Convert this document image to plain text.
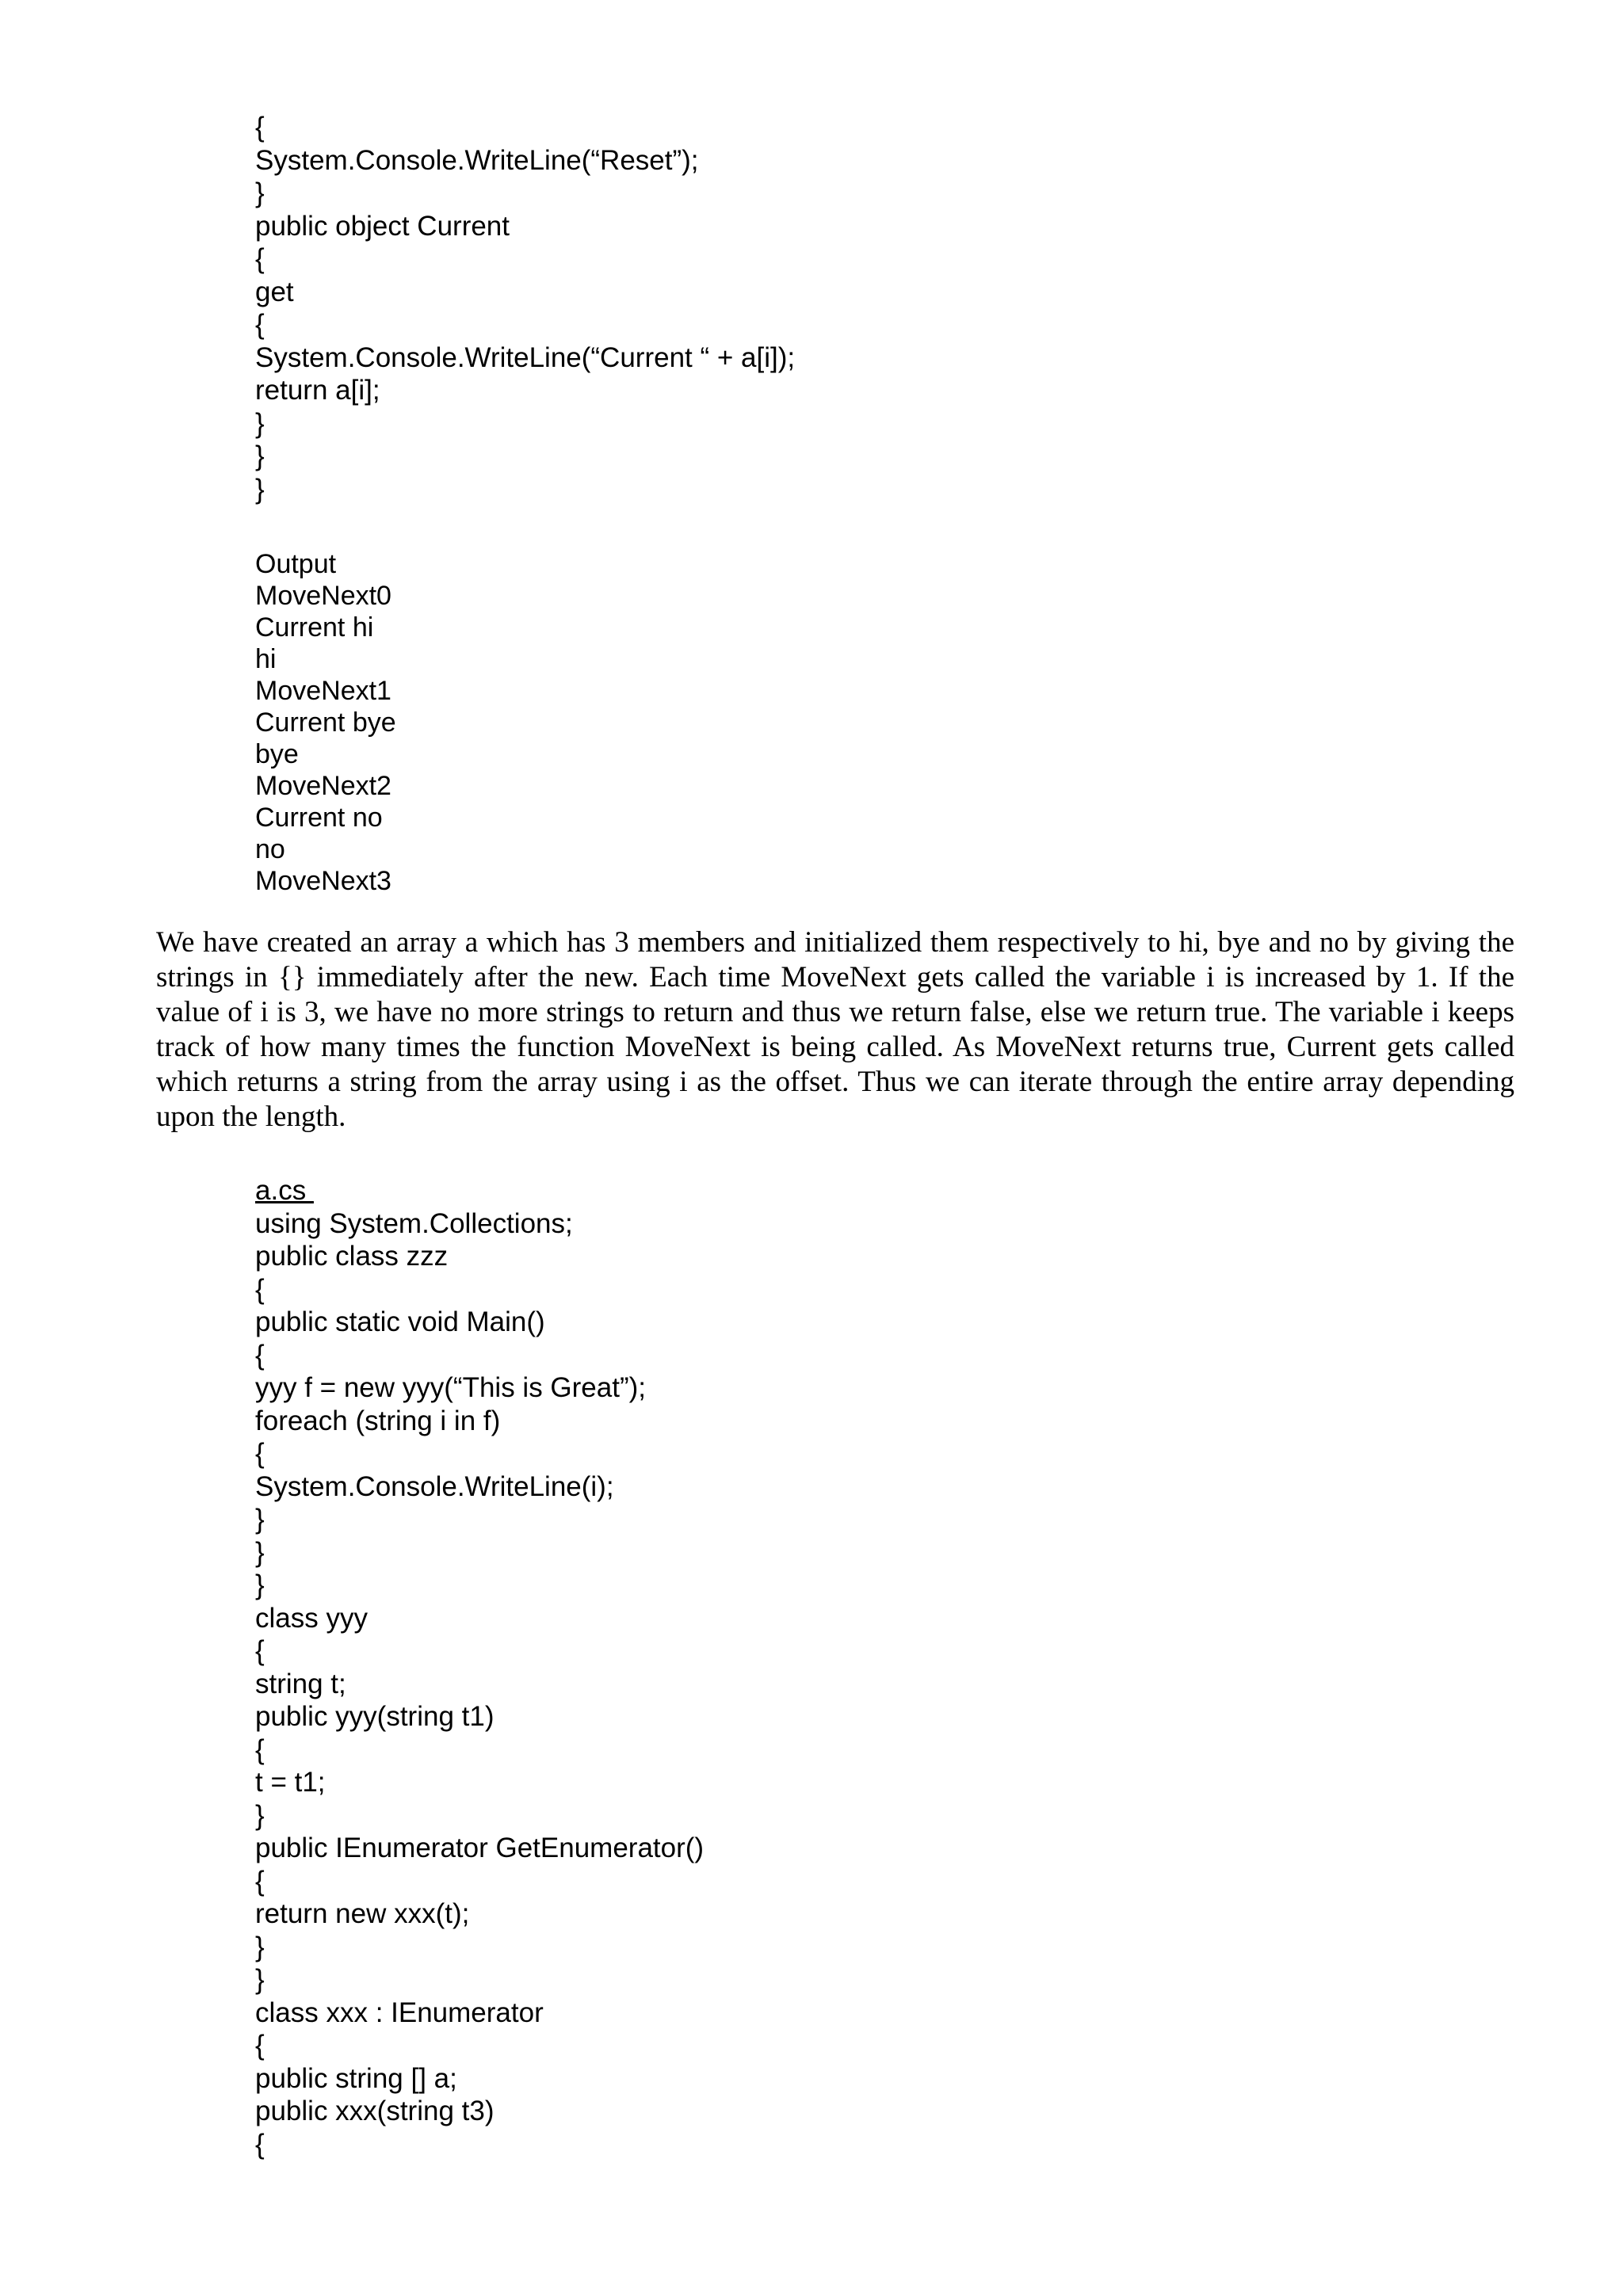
{
System.Console.WriteLine(“Reset”);
}
public object Current
{
get
{
System.Console.WriteLine(“Current “ + a[i]);
return a[i];
}
}
}
Output
MoveNext0
Current hi
hi
MoveNext1
Current bye
bye
MoveNext2
Current no
no
MoveNext3
We have created an array a which has 3 members and initialized them respectively to hi, bye and no by giving the strings in {} immediately after the new. Each time MoveNext gets called the variable i is increased by 1. If the value of i is 3, we have no more strings to return and thus we return false, else we return true. The variable i keeps track of how many times the function MoveNext is being called. As MoveNext returns true, Current gets called which returns a string from the array using i as the offset. Thus we can iterate through the entire array depending upon the length.
a.cs
using System.Collections;
public class zzz
{
public static void Main()
{
yyy f = new yyy(“This is Great”);
foreach (string i in f)
{
System.Console.WriteLine(i);
}
}
}
class yyy
{
string t;
public yyy(string t1)
{
t = t1;
}
public IEnumerator GetEnumerator()
{
return new xxx(t);
}
}
class xxx : IEnumerator
{
public string [] a;
public xxx(string t3)
{
